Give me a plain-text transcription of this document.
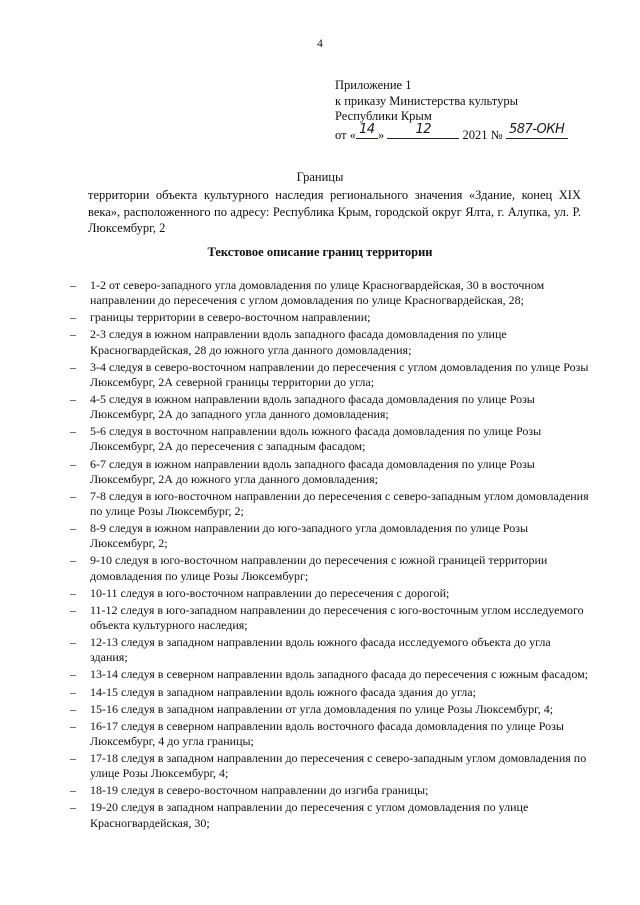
4
Приложение 1
к приказу Министерства культуры
Республики Крым
от « 14 »	12	2021 № 587-ОКН
Границы
территории объекта культурного наследия регионального значения «Здание, конец XIX века», расположенного по адресу: Республика Крым, городской округ Ялта, г. Алупка, ул. Р. Люксембург, 2
Текстовое описание границ территории
– 1-2 от северо-западного угла домовладения по улице Красногвардейская, 30 в восточном направлении до пересечения с углом домовладения по улице Красногвардейская, 28;
– границы территории в северо-восточном направлении;
– 2-3 следуя в южном направлении вдоль западного фасада домовладения по улице Красногвардейская, 28 до южного угла данного домовладения;
– 3-4 следуя в северо-восточном направлении до пересечения с углом домовладения по улице Розы Люксембург, 2А северной границы территории до угла;
– 4-5 следуя в южном направлении вдоль западного фасада домовладения по улице Розы Люксембург, 2А до западного угла данного домовладения;
– 5-6 следуя в восточном направлении вдоль южного фасада домовладения по улице Розы Люксембург, 2А до пересечения с западным фасадом;
– 6-7 следуя в южном направлении вдоль западного фасада домовладения по улице Розы Люксембург, 2А до южного угла данного домовладения;
– 7-8 следуя в юго-восточном направлении до пересечения с северо-западным углом домовладения по улице Розы Люксембург, 2;
– 8-9 следуя в южном направлении до юго-западного угла домовладения по улице Розы Люксембург, 2;
– 9-10 следуя в юго-восточном направлении до пересечения с южной границей территории домовладения по улице Розы Люксембург;
– 10-11 следуя в юго-восточном направлении до пересечения с дорогой;
– 11-12 следуя в юго-западном направлении до пересечения с юго-восточным углом исследуемого объекта культурного наследия;
– 12-13 следуя в западном направлении вдоль южного фасада исследуемого объекта до угла здания;
– 13-14 следуя в северном направлении вдоль западного фасада до пересечения с южным фасадом;
– 14-15 следуя в западном направлении вдоль южного фасада здания до угла;
– 15-16 следуя в западном направлении от угла домовладения по улице Розы Люксембург, 4;
– 16-17 следуя в северном направлении вдоль восточного фасада домовладения по улице Розы Люксембург, 4 до угла границы;
– 17-18 следуя в западном направлении до пересечения с северо-западным углом домовладения по улице Розы Люксембург, 4;
– 18-19 следуя в северо-восточном направлении до изгиба границы;
– 19-20 следуя в западном направлении до пересечения с углом домовладения по улице Красногвардейская, 30;
